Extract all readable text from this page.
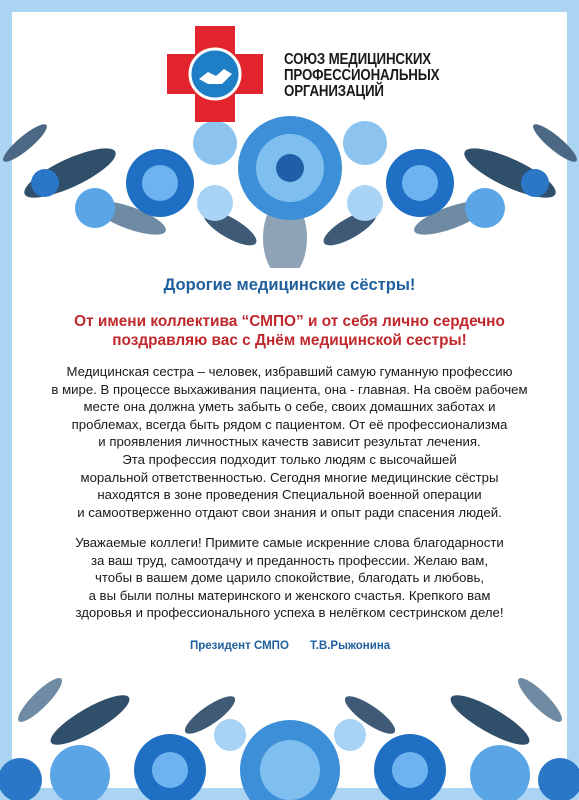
СОЮЗ МЕДИЦИНСКИХ
ПРОФЕССИОНАЛЬНЫХ
ОРГАНИЗАЦИЙ
Дорогие медицинские сёстры!
От имени коллектива “СМПО” и от себя лично сердечно
поздравляю вас с Днём медицинской сестры!
Медицинская сестра – человек, избравший самую гуманную профессию
в мире. В процессе выхаживания пациента, она - главная. На своём рабочем
месте она должна уметь забыть о себе, своих домашних заботах и
проблемах, всегда быть рядом с пациентом. От её профессионализма
и проявления личностных качеств зависит результат лечения.
Эта профессия подходит только людям с высочайшей
моральной ответственностью. Сегодня многие медицинские сёстры
находятся в зоне проведения Специальной военной операции
и самоотверженно отдают свои знания и опыт ради спасения людей.
Уважаемые коллеги! Примите самые искренние слова благодарности
за ваш труд, самоотдачу и преданность профессии. Желаю вам,
чтобы в вашем доме царило спокойствие, благодать и любовь,
а вы были полны материнского и женского счастья. Крепкого вам
здоровья и профессионального успеха в нелёгком сестринском деле!
Президент СМПО Т.В.Рыжонина
